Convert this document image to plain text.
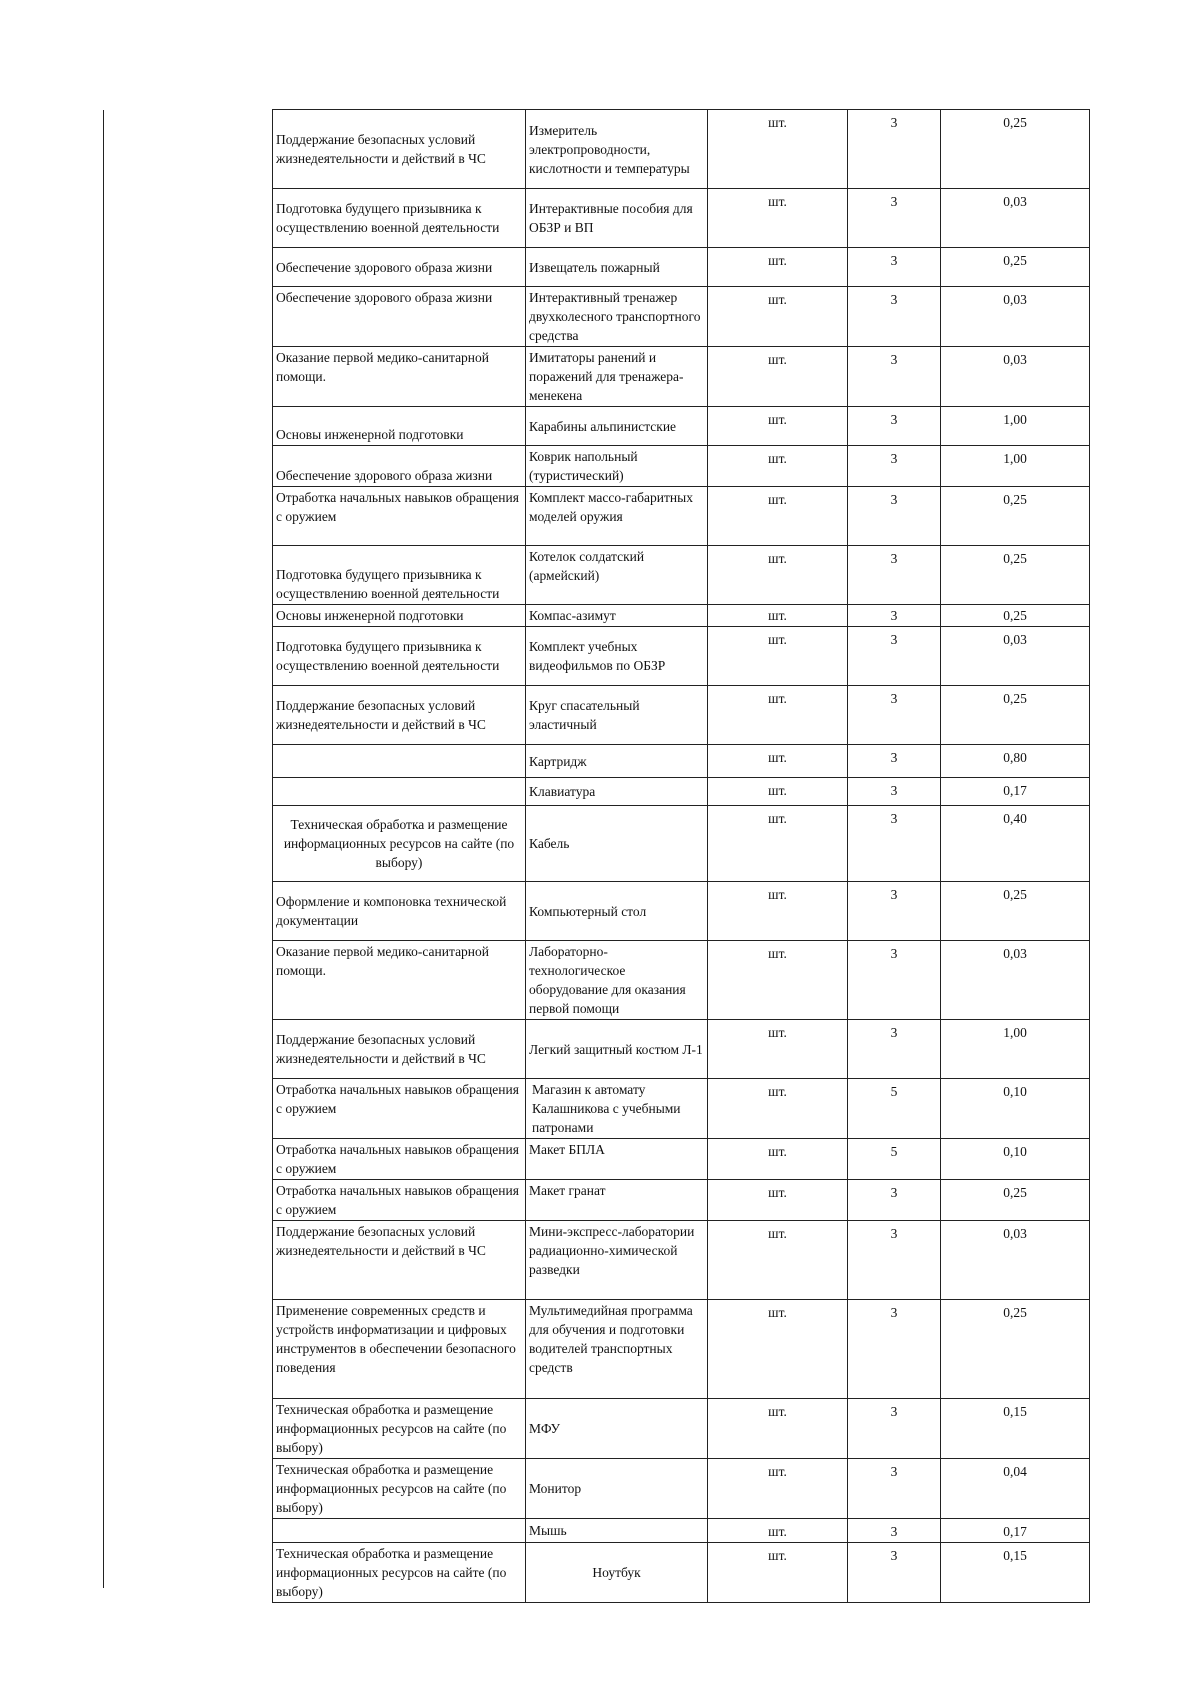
Поддержание безопасных условий жизнедеятельности и действий в ЧС	Измеритель электропроводности, кислотности и температуры	шт.	3	0,25
Подготовка будущего призывника к осуществлению военной деятельности	Интерактивные пособия для ОБЗР и ВП	шт.	3	0,03
Обеспечение здорового образа жизни	Извещатель пожарный	шт.	3	0,25
Обеспечение здорового образа жизни	Интерактивный тренажер двухколесного транспортного средства	шт.	3	0,03
Оказание первой медико-санитарной помощи.	Имитаторы ранений и поражений для тренажера-менекена	шт.	3	0,03
Основы инженерной подготовки	Карабины альпинистские	шт.	3	1,00
Обеспечение здорового образа жизни	Коврик напольный (туристический)	шт.	3	1,00
Отработка начальных навыков обращения с оружием	Комплект массо-габаритных моделей оружия	шт.	3	0,25
Подготовка будущего призывника к осуществлению военной деятельности	Котелок солдатский (армейский)	шт.	3	0,25
Основы инженерной подготовки	Компас-азимут	шт.	3	0,25
Подготовка будущего призывника к осуществлению военной деятельности	Комплект учебных видеофильмов по ОБЗР	шт.	3	0,03
Поддержание безопасных условий жизнедеятельности и действий в ЧС	Круг спасательный эластичный	шт.	3	0,25
	Картридж	шт.	3	0,80
	Клавиатура	шт.	3	0,17
Техническая обработка и размещение информационных ресурсов на сайте (по выбору)	Кабель	шт.	3	0,40
Оформление и компоновка технической документации	Компьютерный стол	шт.	3	0,25
Оказание первой медико-санитарной помощи.	Лабораторно-технологическое оборудование для оказания первой помощи	шт.	3	0,03
Поддержание безопасных условий жизнедеятельности и действий в ЧС	Легкий защитный костюм Л-1	шт.	3	1,00
Отработка начальных навыков обращения с оружием	Магазин к автомату Калашникова с учебными патронами	шт.	5	0,10
Отработка начальных навыков обращения с оружием	Макет БПЛА	шт.	5	0,10
Отработка начальных навыков обращения с оружием	Макет гранат	шт.	3	0,25
Поддержание безопасных условий жизнедеятельности и действий в ЧС	Мини-экспресс-лаборатории радиационно-химической разведки	шт.	3	0,03
Применение современных средств и устройств информатизации и цифровых инструментов в обеспечении безопасного поведения	Мультимедийная программа для обучения и подготовки водителей транспортных средств	шт.	3	0,25
Техническая обработка и размещение информационных ресурсов на сайте (по выбору)	МФУ	шт.	3	0,15
Техническая обработка и размещение информационных ресурсов на сайте (по выбору)	Монитор	шт.	3	0,04
	Мышь	шт.	3	0,17
Техническая обработка и размещение информационных ресурсов на сайте (по выбору)	Ноутбук	шт.	3	0,15
